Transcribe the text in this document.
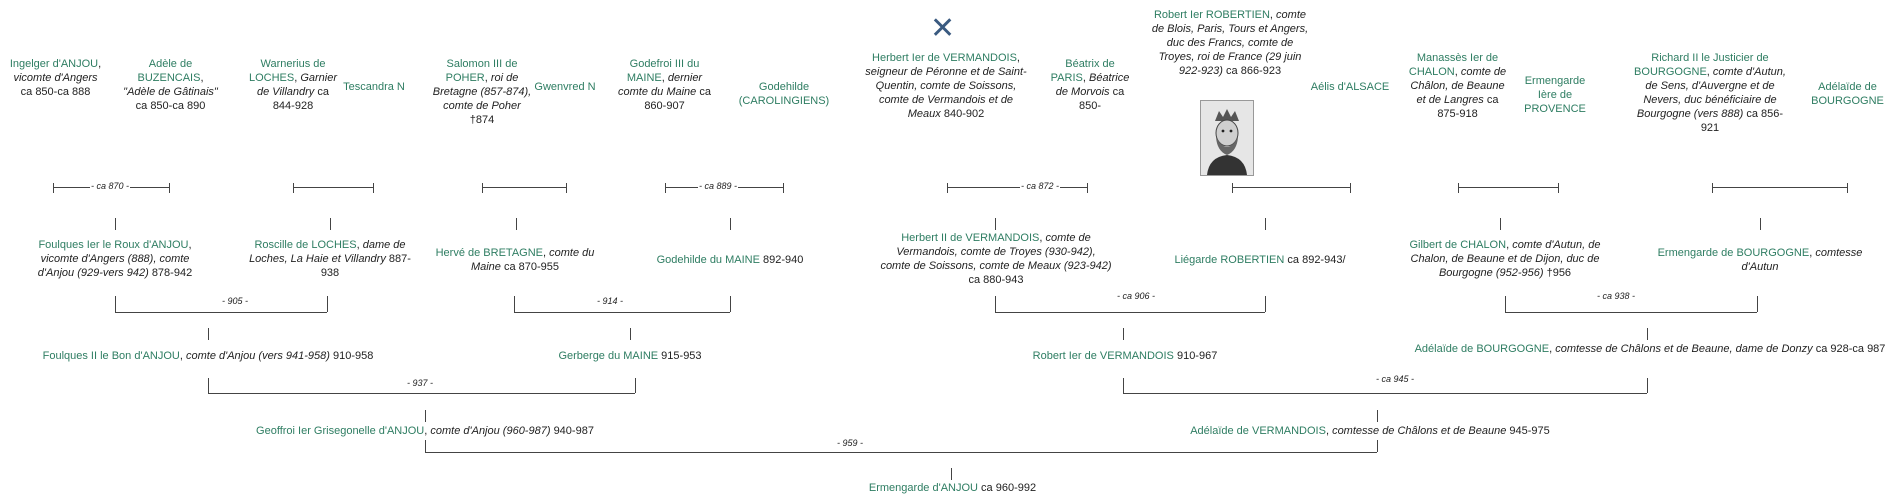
✕
Ingelger d'ANJOU, vicomte d'Angers ca 850-ca 888
Adèle de BUZENCAIS, "Adèle de Gâtinais" ca 850-ca 890
Warnerius de LOCHES, Garnier de Villandry ca 844-928
Tescandra N
Salomon III de POHER, roi de Bretagne (857-874), comte de Poher †874
Gwenvred N
Godefroi III du MAINE, dernier comte du Maine ca 860-907
Godehilde (CAROLINGIENS)
Herbert Ier de VERMANDOIS, seigneur de Péronne et de Saint-Quentin, comte de Soissons, comte de Vermandois et de Meaux 840-902
Béatrix de PARIS, Béatrice de Morvois ca 850-
Robert Ier ROBERTIEN, comte de Blois, Paris, Tours et Angers, duc des Francs, comte de Troyes, roi de France (29 juin 922-923) ca 866-923
Aélis d'ALSACE
Manassès Ier de CHALON, comte de Châlon, de Beaune et de Langres ca 875-918
Ermengarde Ière de PROVENCE
Richard II le Justicier de BOURGOGNE, comte d'Autun, de Sens, d'Auvergne et de Nevers, duc bénéficiaire de Bourgogne (vers 888) ca 856-921
Adélaïde de BOURGOGNE
- ca 870 -	- ca 889 -	- ca 872 -
Foulques Ier le Roux d'ANJOU, vicomte d'Angers (888), comte d'Anjou (929-vers 942) 878-942
Roscille de LOCHES, dame de Loches, La Haie et Villandry 887-938
Hervé de BRETAGNE, comte du Maine ca 870-955
Godehilde du MAINE 892-940
Herbert II de VERMANDOIS, comte de Vermandois, comte de Troyes (930-942), comte de Soissons, comte de Meaux (923-942) ca 880-943
Liégarde ROBERTIEN ca 892-943/
Gilbert de CHALON, comte d'Autun, de Chalon, de Beaune et de Dijon, duc de Bourgogne (952-956) †956
Ermengarde de BOURGOGNE, comtesse d'Autun
- 905 -	- 914 -	- ca 906 -	- ca 938 -
Foulques II le Bon d'ANJOU, comte d'Anjou (vers 941-958) 910-958	Gerberge du MAINE 915-953	Robert Ier de VERMANDOIS 910-967
Adélaïde de BOURGOGNE, comtesse de Châlons et de Beaune, dame de Donzy ca 928-ca 987
- 937 -	- ca 945 -
Geoffroi Ier Grisegonelle d'ANJOU, comte d'Anjou (960-987) 940-987	Adélaïde de VERMANDOIS, comtesse de Châlons et de Beaune 945-975
- 959 -
Ermengarde d'ANJOU ca 960-992
